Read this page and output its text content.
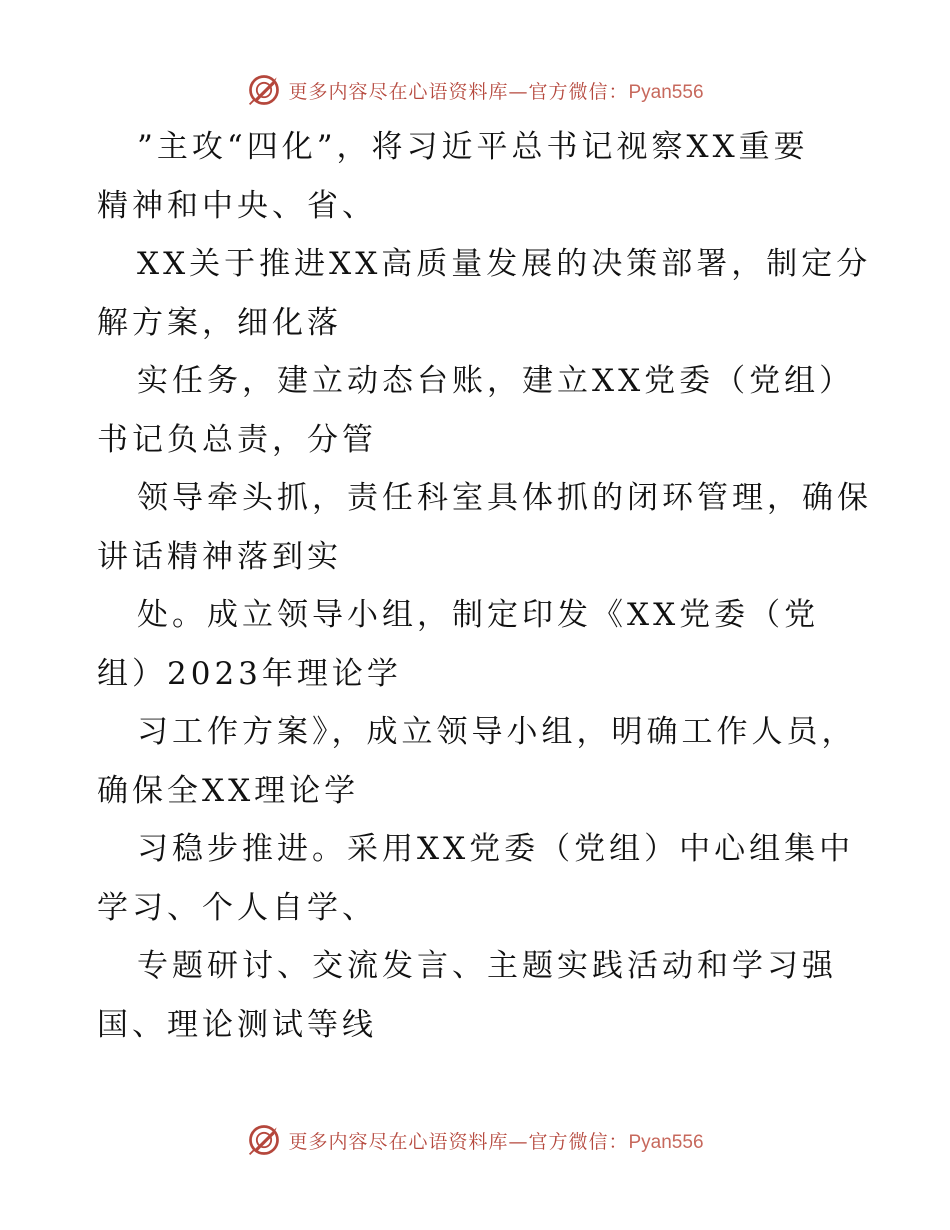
更多内容尽在心语资料库—官方微信：Pyan556

”主攻“四化”，将习近平总书记视察XX重要
精神和中央、省、

XX关于推进XX高质量发展的决策部署，制定分
解方案，细化落

实任务，建立动态台账，建立XX党委（党组）
书记负总责，分管

领导牵头抓，责任科室具体抓的闭环管理，确保
讲话精神落到实

处。成立领导小组，制定印发《XX党委（党
组）2023年理论学

习工作方案》，成立领导小组，明确工作人员，
确保全XX理论学

习稳步推进。采用XX党委（党组）中心组集中
学习、个人自学、

专题研讨、交流发言、主题实践活动和学习强
国、理论测试等线

更多内容尽在心语资料库—官方微信：Pyan556
